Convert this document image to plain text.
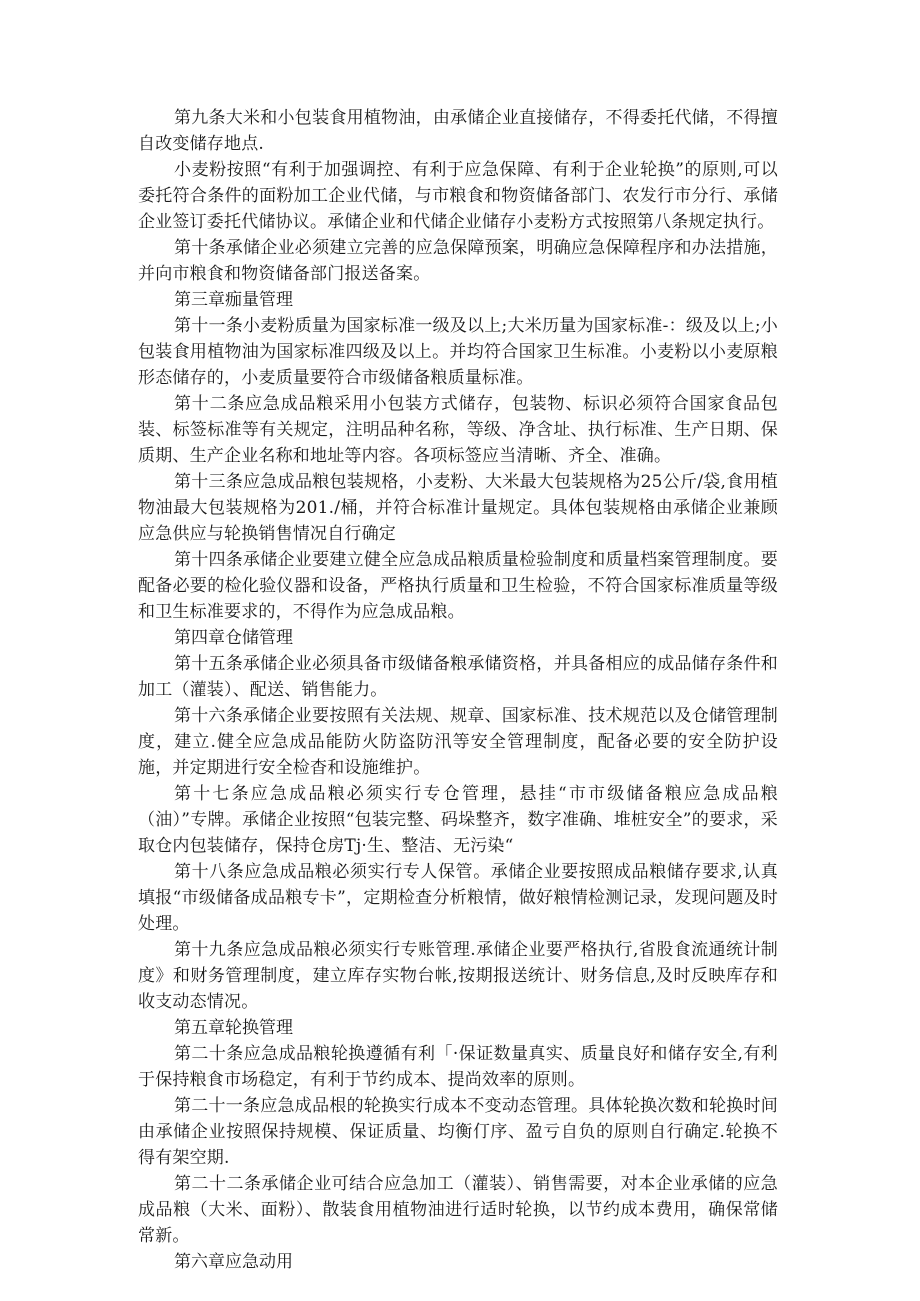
第九条大米和小包装食用植物油，由承储企业直接储存，不得委托代储，不得擅自改变储存地点.

小麦粉按照“有利于加强调控、有利于应急保障、有利于企业轮换”的原则,可以委托符合条件的面粉加工企业代储，与市粮食和物资储备部门、农发行市分行、承储企业签订委托代储协议。承储企业和代储企业储存小麦粉方式按照第八条规定执行。

第十条承储企业必须建立完善的应急保障预案，明确应急保障程序和办法措施，并向市粮食和物资储备部门报送备案。

第三章痂量管理

第十一条小麦粉质量为国家标准一级及以上;大米历量为国家标准-：级及以上;小包装食用植物油为国家标准四级及以上。并均符合国家卫生标准。小麦粉以小麦原粮形态储存的，小麦质量要符合市级储备粮质量标准。

第十二条应急成品粮采用小包装方式储存，包装物、标识必须符合国家食品包装、标签标准等有关规定，注明品种名称，等级、净含址、执行标准、生产日期、保质期、生产企业名称和地址等内容。各项标签应当清晰、齐全、准确。

第十三条应急成品粮包装规格，小麦粉、大米最大包装规格为25公斤/袋,食用植物油最大包装规格为201./桶，并符合标准计量规定。具体包装规格由承储企业兼顾应急供应与轮换销售情况自行确定

第十四条承储企业要建立健全应急成品粮质量检验制度和质量档案管理制度。要配备必要的检化验仪器和设备，严格执行质量和卫生检验，不符合国家标准质量等级和卫生标准要求的，不得作为应急成品粮。

第四章仓储管理

第十五条承储企业必须具备市级储备粮承储资格，并具备相应的成品储存条件和加工（灌装）、配送、销售能力。

第十六条承储企业要按照有关法规、规章、国家标准、技术规范以及仓储管理制度，建立.健全应急成品能防火防盗防汛等安全管理制度，配备必要的安全防护设施，并定期进行安全检杳和设施维护。

第十七条应急成品粮必须实行专仓管理，悬挂“市市级储备粮应急成品粮（油）”专牌。承储企业按照“包装完整、码垛整齐，数字准确、堆桩安全”的要求，采取仓内包装储存，保持仓房Tj·生、整洁、无污染“

第十八条应急成品粮必须实行专人保管。承储企业要按照成品粮储存要求,认真填报“市级储备成品粮专卡”，定期检查分析粮情，做好粮情检测记录，发现问题及时处理。

第十九条应急成品粮必须实行专账管理.承储企业要严格执行,省股食流通统计制度》和财务管理制度，建立库存实物台帐,按期报送统计、财务信息,及时反映库存和收支动态情况。

第五章轮换管理

第二十条应急成品粮轮换遵循有利「·保证数量真实、质量良好和储存安全,有利于保持粮食市场稳定，有利于节约成本、提尚效率的原则。

第二十一条应急成品根的轮换实行成本不变动态管理。具体轮换次数和轮换时间由承储企业按照保持规模、保证质量、均衡仃序、盈亏自负的原则自行确定.轮换不得有架空期.

第二十二条承储企业可结合应急加工（灌装）、销售需要，对本企业承储的应急成品粮（大米、面粉）、散装食用植物油进行适时轮换，以节约成本费用，确保常储常新。

第六章应急动用
